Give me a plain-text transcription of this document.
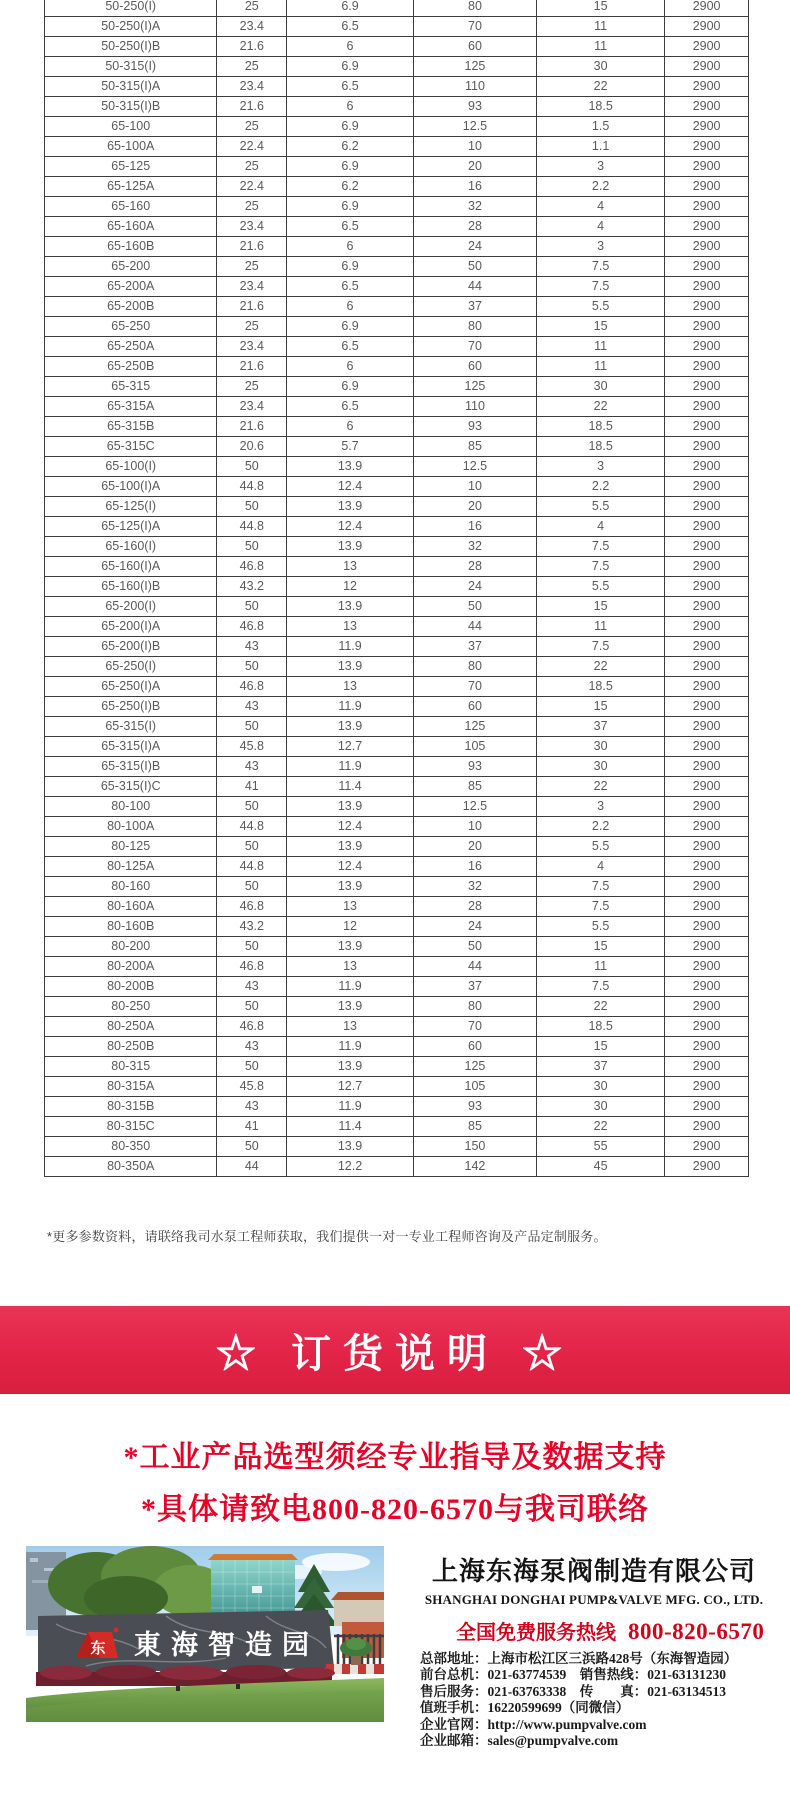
50-250(I)	25	6.9	80	15	2900
50-250(I)A	23.4	6.5	70	11	2900
50-250(I)B	21.6	6	60	11	2900
50-315(I)	25	6.9	125	30	2900
50-315(I)A	23.4	6.5	110	22	2900
50-315(I)B	21.6	6	93	18.5	2900
65-100	25	6.9	12.5	1.5	2900
65-100A	22.4	6.2	10	1.1	2900
65-125	25	6.9	20	3	2900
65-125A	22.4	6.2	16	2.2	2900
65-160	25	6.9	32	4	2900
65-160A	23.4	6.5	28	4	2900
65-160B	21.6	6	24	3	2900
65-200	25	6.9	50	7.5	2900
65-200A	23.4	6.5	44	7.5	2900
65-200B	21.6	6	37	5.5	2900
65-250	25	6.9	80	15	2900
65-250A	23.4	6.5	70	11	2900
65-250B	21.6	6	60	11	2900
65-315	25	6.9	125	30	2900
65-315A	23.4	6.5	110	22	2900
65-315B	21.6	6	93	18.5	2900
65-315C	20.6	5.7	85	18.5	2900
65-100(I)	50	13.9	12.5	3	2900
65-100(I)A	44.8	12.4	10	2.2	2900
65-125(I)	50	13.9	20	5.5	2900
65-125(I)A	44.8	12.4	16	4	2900
65-160(I)	50	13.9	32	7.5	2900
65-160(I)A	46.8	13	28	7.5	2900
65-160(I)B	43.2	12	24	5.5	2900
65-200(I)	50	13.9	50	15	2900
65-200(I)A	46.8	13	44	11	2900
65-200(I)B	43	11.9	37	7.5	2900
65-250(I)	50	13.9	80	22	2900
65-250(I)A	46.8	13	70	18.5	2900
65-250(I)B	43	11.9	60	15	2900
65-315(I)	50	13.9	125	37	2900
65-315(I)A	45.8	12.7	105	30	2900
65-315(I)B	43	11.9	93	30	2900
65-315(I)C	41	11.4	85	22	2900
80-100	50	13.9	12.5	3	2900
80-100A	44.8	12.4	10	2.2	2900
80-125	50	13.9	20	5.5	2900
80-125A	44.8	12.4	16	4	2900
80-160	50	13.9	32	7.5	2900
80-160A	46.8	13	28	7.5	2900
80-160B	43.2	12	24	5.5	2900
80-200	50	13.9	50	15	2900
80-200A	46.8	13	44	11	2900
80-200B	43	11.9	37	7.5	2900
80-250	50	13.9	80	22	2900
80-250A	46.8	13	70	18.5	2900
80-250B	43	11.9	60	15	2900
80-315	50	13.9	125	37	2900
80-315A	45.8	12.7	105	30	2900
80-315B	43	11.9	93	30	2900
80-315C	41	11.4	85	22	2900
80-350	50	13.9	150	55	2900
80-350A	44	12.2	142	45	2900
*更多参数资料，请联络我司水泵工程师获取，我们提供一对一专业工程师咨询及产品定制服务。
☆ 订货说明 ☆
*工业产品选型须经专业指导及数据支持
*具体请致电800-820-6570与我司联络
东 東海智造园
上海东海泵阀制造有限公司
SHANGHAI DONGHAI PUMP&VALVE MFG. CO., LTD.
全国免费服务热线 800-820-6570
总部地址：上海市松江区三浜路428号（东海智造园）
前台总机：021-63774539　销售热线：021-63131230
售后服务：021-63763338　传　　真：021-63134513
值班手机：16220599699（同微信）
企业官网：http://www.pumpvalve.com
企业邮箱：sales@pumpvalve.com
